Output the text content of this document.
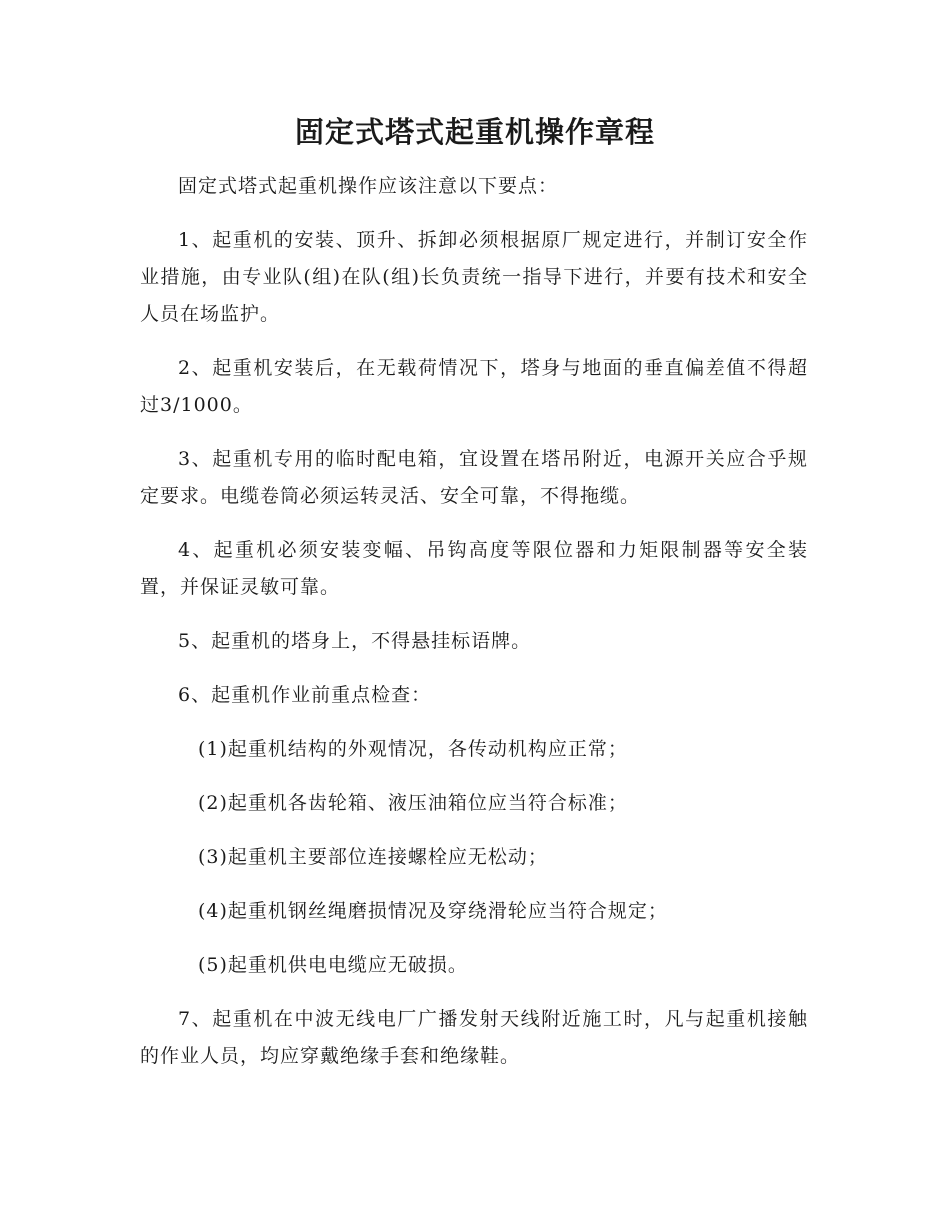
固定式塔式起重机操作章程

固定式塔式起重机操作应该注意以下要点：

1、起重机的安装、顶升、拆卸必须根据原厂规定进行，并制订安全作业措施，由专业队(组)在队(组)长负责统一指导下进行，并要有技术和安全人员在场监护。

2、起重机安装后，在无载荷情况下，塔身与地面的垂直偏差值不得超过3/1000。

3、起重机专用的临时配电箱，宜设置在塔吊附近，电源开关应合乎规定要求。电缆卷筒必须运转灵活、安全可靠，不得拖缆。

4、起重机必须安装变幅、吊钩高度等限位器和力矩限制器等安全装置，并保证灵敏可靠。

5、起重机的塔身上，不得悬挂标语牌。

6、起重机作业前重点检查：

(1)起重机结构的外观情况，各传动机构应正常；

(2)起重机各齿轮箱、液压油箱位应当符合标准；

(3)起重机主要部位连接螺栓应无松动；

(4)起重机钢丝绳磨损情况及穿绕滑轮应当符合规定；

(5)起重机供电电缆应无破损。

7、起重机在中波无线电厂广播发射天线附近施工时，凡与起重机接触的作业人员，均应穿戴绝缘手套和绝缘鞋。
